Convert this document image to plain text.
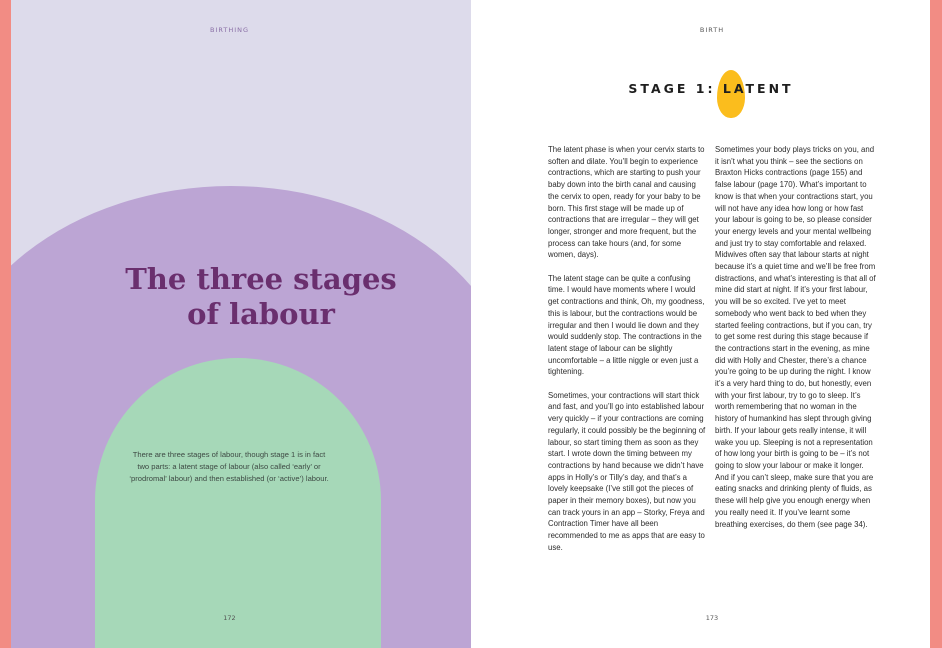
BIRTHING
The three stages
of labour

There are three stages of labour, though stage 1 is in fact two parts: a latent stage of labour (also called ‘early’ or ‘prodromal’ labour) and then established (or ‘active’) labour.

172
BIRTH
STAGE 1: LATENT

The latent phase is when your cervix starts to soften and dilate. You’ll begin to experience contractions, which are starting to push your baby down into the birth canal and causing the cervix to open, ready for your baby to be born. This first stage will be made up of contractions that are irregular – they will get longer, stronger and more frequent, but the process can take hours (and, for some women, days).

The latent stage can be quite a confusing time. I would have moments where I would get contractions and think, Oh, my goodness, this is labour, but the contractions would be irregular and then I would lie down and they would suddenly stop. The contractions in the latent stage of labour can be slightly uncomfortable – a little niggle or even just a tightening.

Sometimes, your contractions will start thick and fast, and you’ll go into established labour very quickly – if your contractions are coming regularly, it could possibly be the beginning of labour, so start timing them as soon as they start. I wrote down the timing between my contractions by hand because we didn’t have apps in Holly’s or Tilly’s day, and that’s a lovely keepsake (I’ve still got the pieces of paper in their memory boxes), but now you can track yours in an app – Storky, Freya and Contraction Timer have all been recommended to me as apps that are easy to use.

Sometimes your body plays tricks on you, and it isn’t what you think – see the sections on Braxton Hicks contractions (page 155) and false labour (page 170). What’s important to know is that when your contractions start, you will not have any idea how long or how fast your labour is going to be, so please consider your energy levels and your mental wellbeing and just try to stay comfortable and relaxed. Midwives often say that labour starts at night because it’s a quiet time and we’ll be free from distractions, and what’s interesting is that all of mine did start at night. If it’s your first labour, you will be so excited. I’ve yet to meet somebody who went back to bed when they started feeling contractions, but if you can, try to get some rest during this stage because if the contractions start in the evening, as mine did with Holly and Chester, there’s a chance you’re going to be up during the night. I know it’s a very hard thing to do, but honestly, even with your first labour, try to go to sleep. It’s worth remembering that no woman in the history of humankind has slept through giving birth. If your labour gets really intense, it will wake you up. Sleeping is not a representation of how long your birth is going to be – it’s not going to slow your labour or make it longer. And if you can’t sleep, make sure that you are eating snacks and drinking plenty of fluids, as these will help give you enough energy when you really need it. If you’ve learnt some breathing exercises, do them (see page 34).

173
